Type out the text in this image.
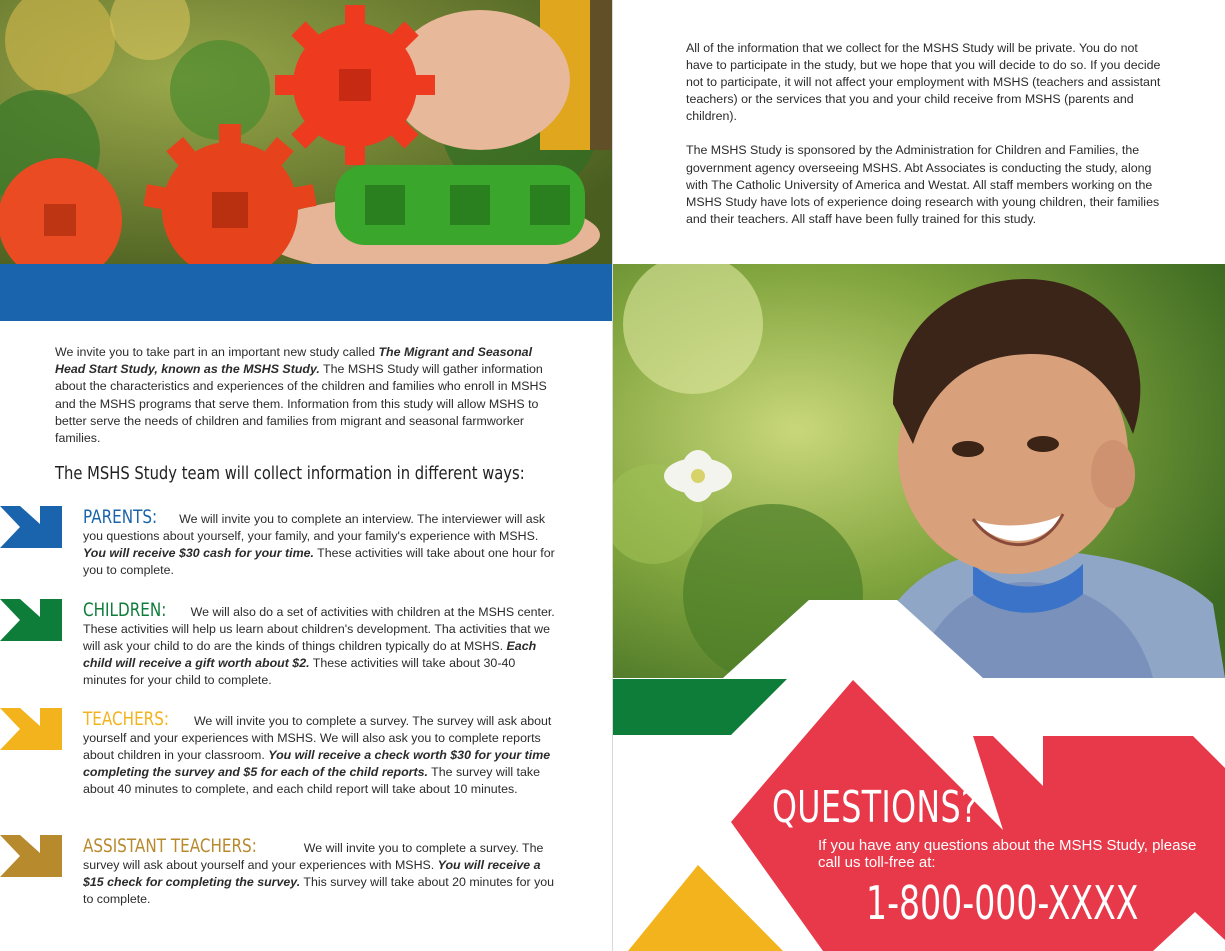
We invite you to take part in an important new study called The Migrant and Seasonal Head Start Study, known as the MSHS Study. The MSHS Study will gather information about the characteristics and experiences of the children and families who enroll in MSHS and the MSHS programs that serve them. Information from this study will allow MSHS to better serve the needs of children and families from migrant and seasonal farmworker families.
The MSHS Study team will collect information in different ways:
PARENTS: We will invite you to complete an interview. The interviewer will ask you questions about yourself, your family, and your family's experience with MSHS. You will receive $30 cash for your time. These activities will take about one hour for you to complete.
CHILDREN: We will also do a set of activities with children at the MSHS center. These activities will help us learn about children's development. Tha activities that we will ask your child to do are the kinds of things children typically do at MSHS. Each child will receive a gift worth about $2. These activities will take about 30-40 minutes for your child to complete.
TEACHERS: We will invite you to complete a survey. The survey will ask about yourself and your experiences with MSHS. We will also ask you to complete reports about children in your classroom. You will receive a check worth $30 for your time completing the survey and $5 for each of the child reports. The survey will take about 40 minutes to complete, and each child report will take about 10 minutes.
ASSISTANT TEACHERS:	We will invite you to complete a survey. The survey will ask about yourself and your experiences with MSHS. You will receive a $15 check for completing the survey. This survey will take about 20 minutes for you to complete.
All of the information that we collect for the MSHS Study will be private. You do not have to participate in the study, but we hope that you will decide to do so. If you decide not to participate, it will not affect your employment with MSHS (teachers and assistant teachers) or the services that you and your child receive from MSHS (parents and children).
The MSHS Study is sponsored by the Administration for Children and Families, the government agency overseeing MSHS. Abt Associates is conducting the study, along with The Catholic University of America and Westat. All staff members working on the MSHS Study have lots of experience doing research with young children, their families and their teachers. All staff have been fully trained for this study.
QUESTIONS?
If you have any questions about the MSHS Study, please call us toll-free at:
1-800-000-XXXX
